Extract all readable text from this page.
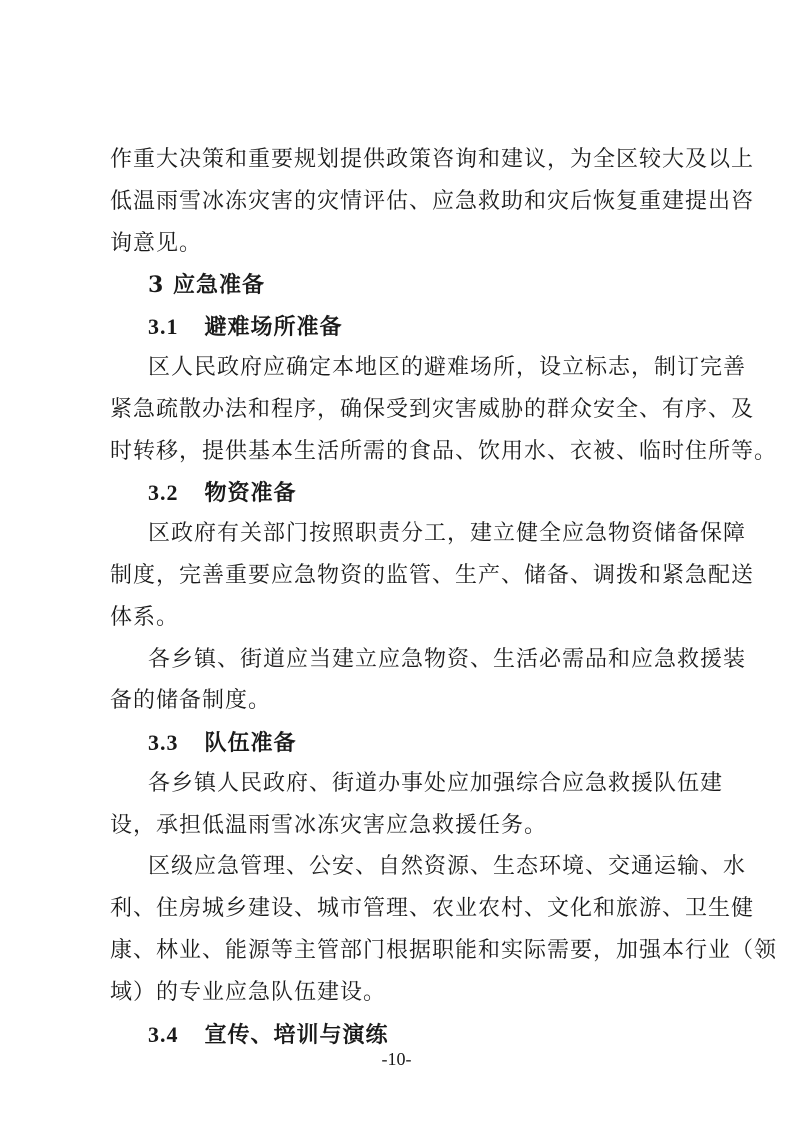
作重大决策和重要规划提供政策咨询和建议，为全区较大及以上
低温雨雪冰冻灾害的灾情评估、应急救助和灾后恢复重建提出咨
询意见。
3 应急准备
3.1 避难场所准备
区人民政府应确定本地区的避难场所，设立标志，制订完善
紧急疏散办法和程序，确保受到灾害威胁的群众安全、有序、及
时转移，提供基本生活所需的食品、饮用水、衣被、临时住所等。
3.2 物资准备
区政府有关部门按照职责分工，建立健全应急物资储备保障
制度，完善重要应急物资的监管、生产、储备、调拨和紧急配送
体系。
各乡镇、街道应当建立应急物资、生活必需品和应急救援装
备的储备制度。
3.3 队伍准备
各乡镇人民政府、街道办事处应加强综合应急救援队伍建
设，承担低温雨雪冰冻灾害应急救援任务。
区级应急管理、公安、自然资源、生态环境、交通运输、水
利、住房城乡建设、城市管理、农业农村、文化和旅游、卫生健
康、林业、能源等主管部门根据职能和实际需要，加强本行业（领
域）的专业应急队伍建设。
3.4 宣传、培训与演练
-10-
